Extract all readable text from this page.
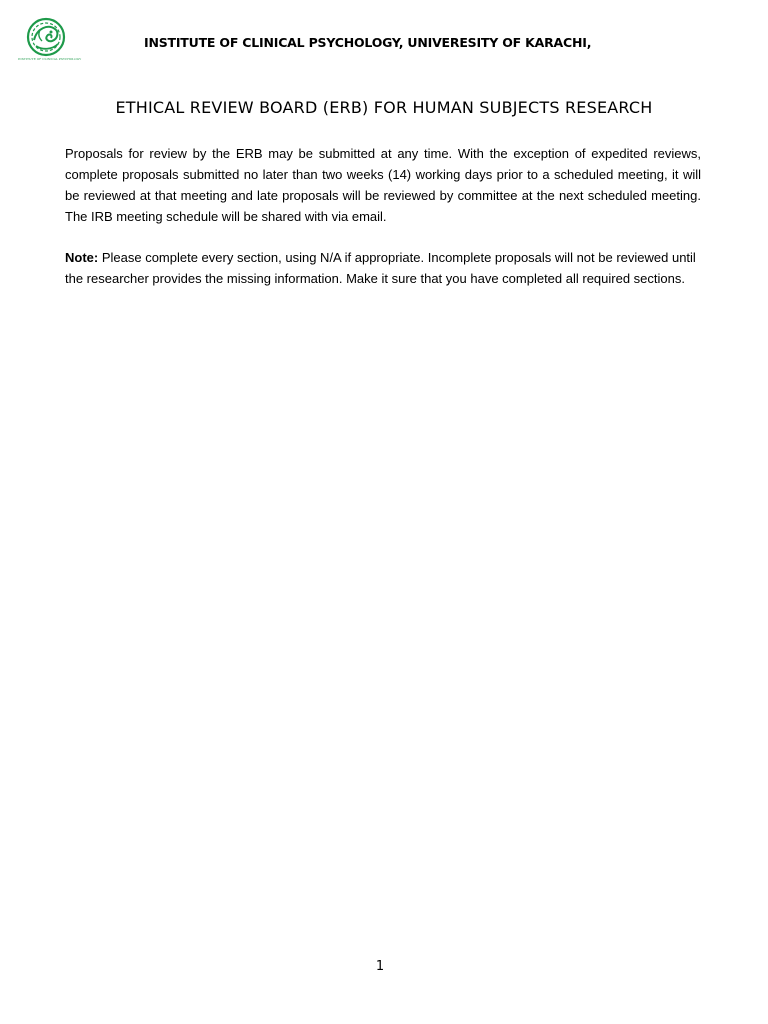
INSTITUTE OF CLINICAL PSYCHOLOGY
INSTITUTE OF CLINICAL PSYCHOLOGY, UNIVERESITY OF KARACHI,
ETHICAL REVIEW BOARD (ERB) FOR HUMAN SUBJECTS RESEARCH

Proposals for review by the ERB may be submitted at any time. With the exception of expedited reviews, complete proposals submitted no later than two weeks (14) working days prior to a scheduled meeting, it will be reviewed at that meeting and late proposals will be reviewed by committee at the next scheduled meeting. The IRB meeting schedule will be shared with via email.

Note: Please complete every section, using N/A if appropriate. Incomplete proposals will not be reviewed until the researcher provides the missing information. Make it sure that you have completed all required sections.

1
